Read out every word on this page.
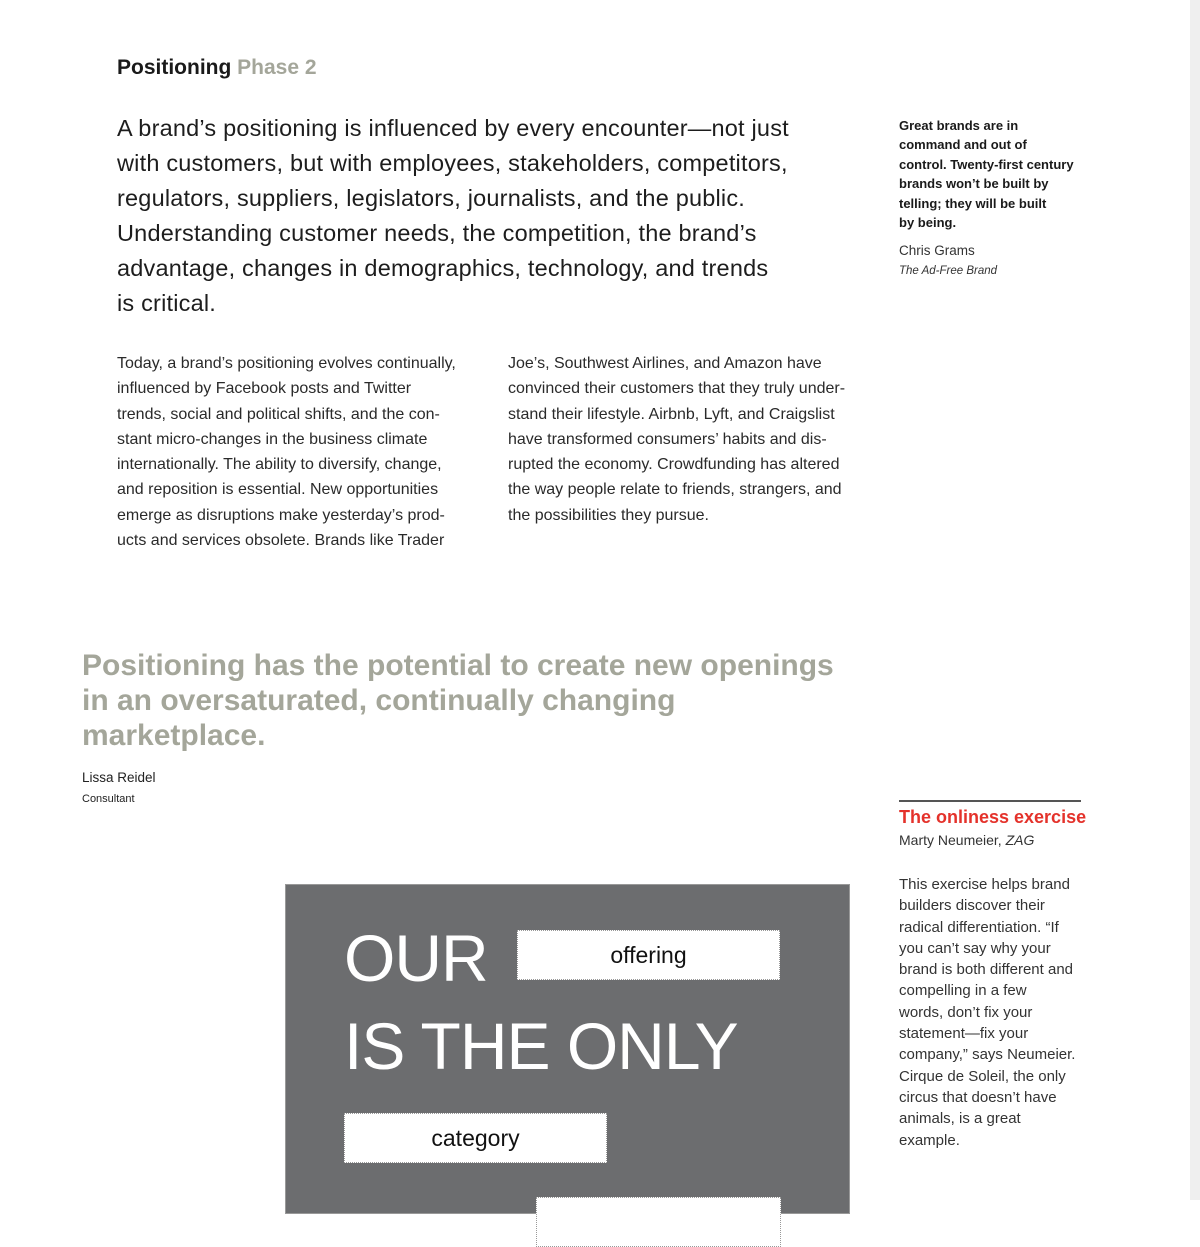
Positioning Phase 2
A brand’s positioning is influenced by every encounter—not just
with customers, but with employees, stakeholders, competitors,
regulators, suppliers, legislators, journalists, and the public.
Understanding customer needs, the competition, the brand’s
advantage, changes in demographics, technology, and trends
is critical.
Today, a brand’s positioning evolves continually,
influenced by Facebook posts and Twitter
trends, social and political shifts, and the con-
stant micro-changes in the business climate
internationally. The ability to diversify, change,
and reposition is essential. New opportunities
emerge as disruptions make yesterday’s prod-
ucts and services obsolete. Brands like Trader
Joe’s, Southwest Airlines, and Amazon have
convinced their customers that they truly under-
stand their lifestyle. Airbnb, Lyft, and Craigslist
have transformed consumers’ habits and dis-
rupted the economy. Crowdfunding has altered
the way people relate to friends, strangers, and
the possibilities they pursue.
Great brands are in
command and out of
control. Twenty-first century
brands won’t be built by
telling; they will be built
by being.
Chris Grams
The Ad-Free Brand
Positioning has the potential to create new openings
in an oversaturated, continually changing
marketplace.
Lissa Reidel
Consultant
The onliness exercise
Marty Neumeier, ZAG
This exercise helps brand
builders discover their
radical differentiation. “If
you can’t say why your
brand is both different and
compelling in a few
words, don’t fix your
statement—fix your
company,” says Neumeier.
Cirque de Soleil, the only
circus that doesn’t have
animals, is a great
example.
OUR	offering
IS THE ONLY
category
